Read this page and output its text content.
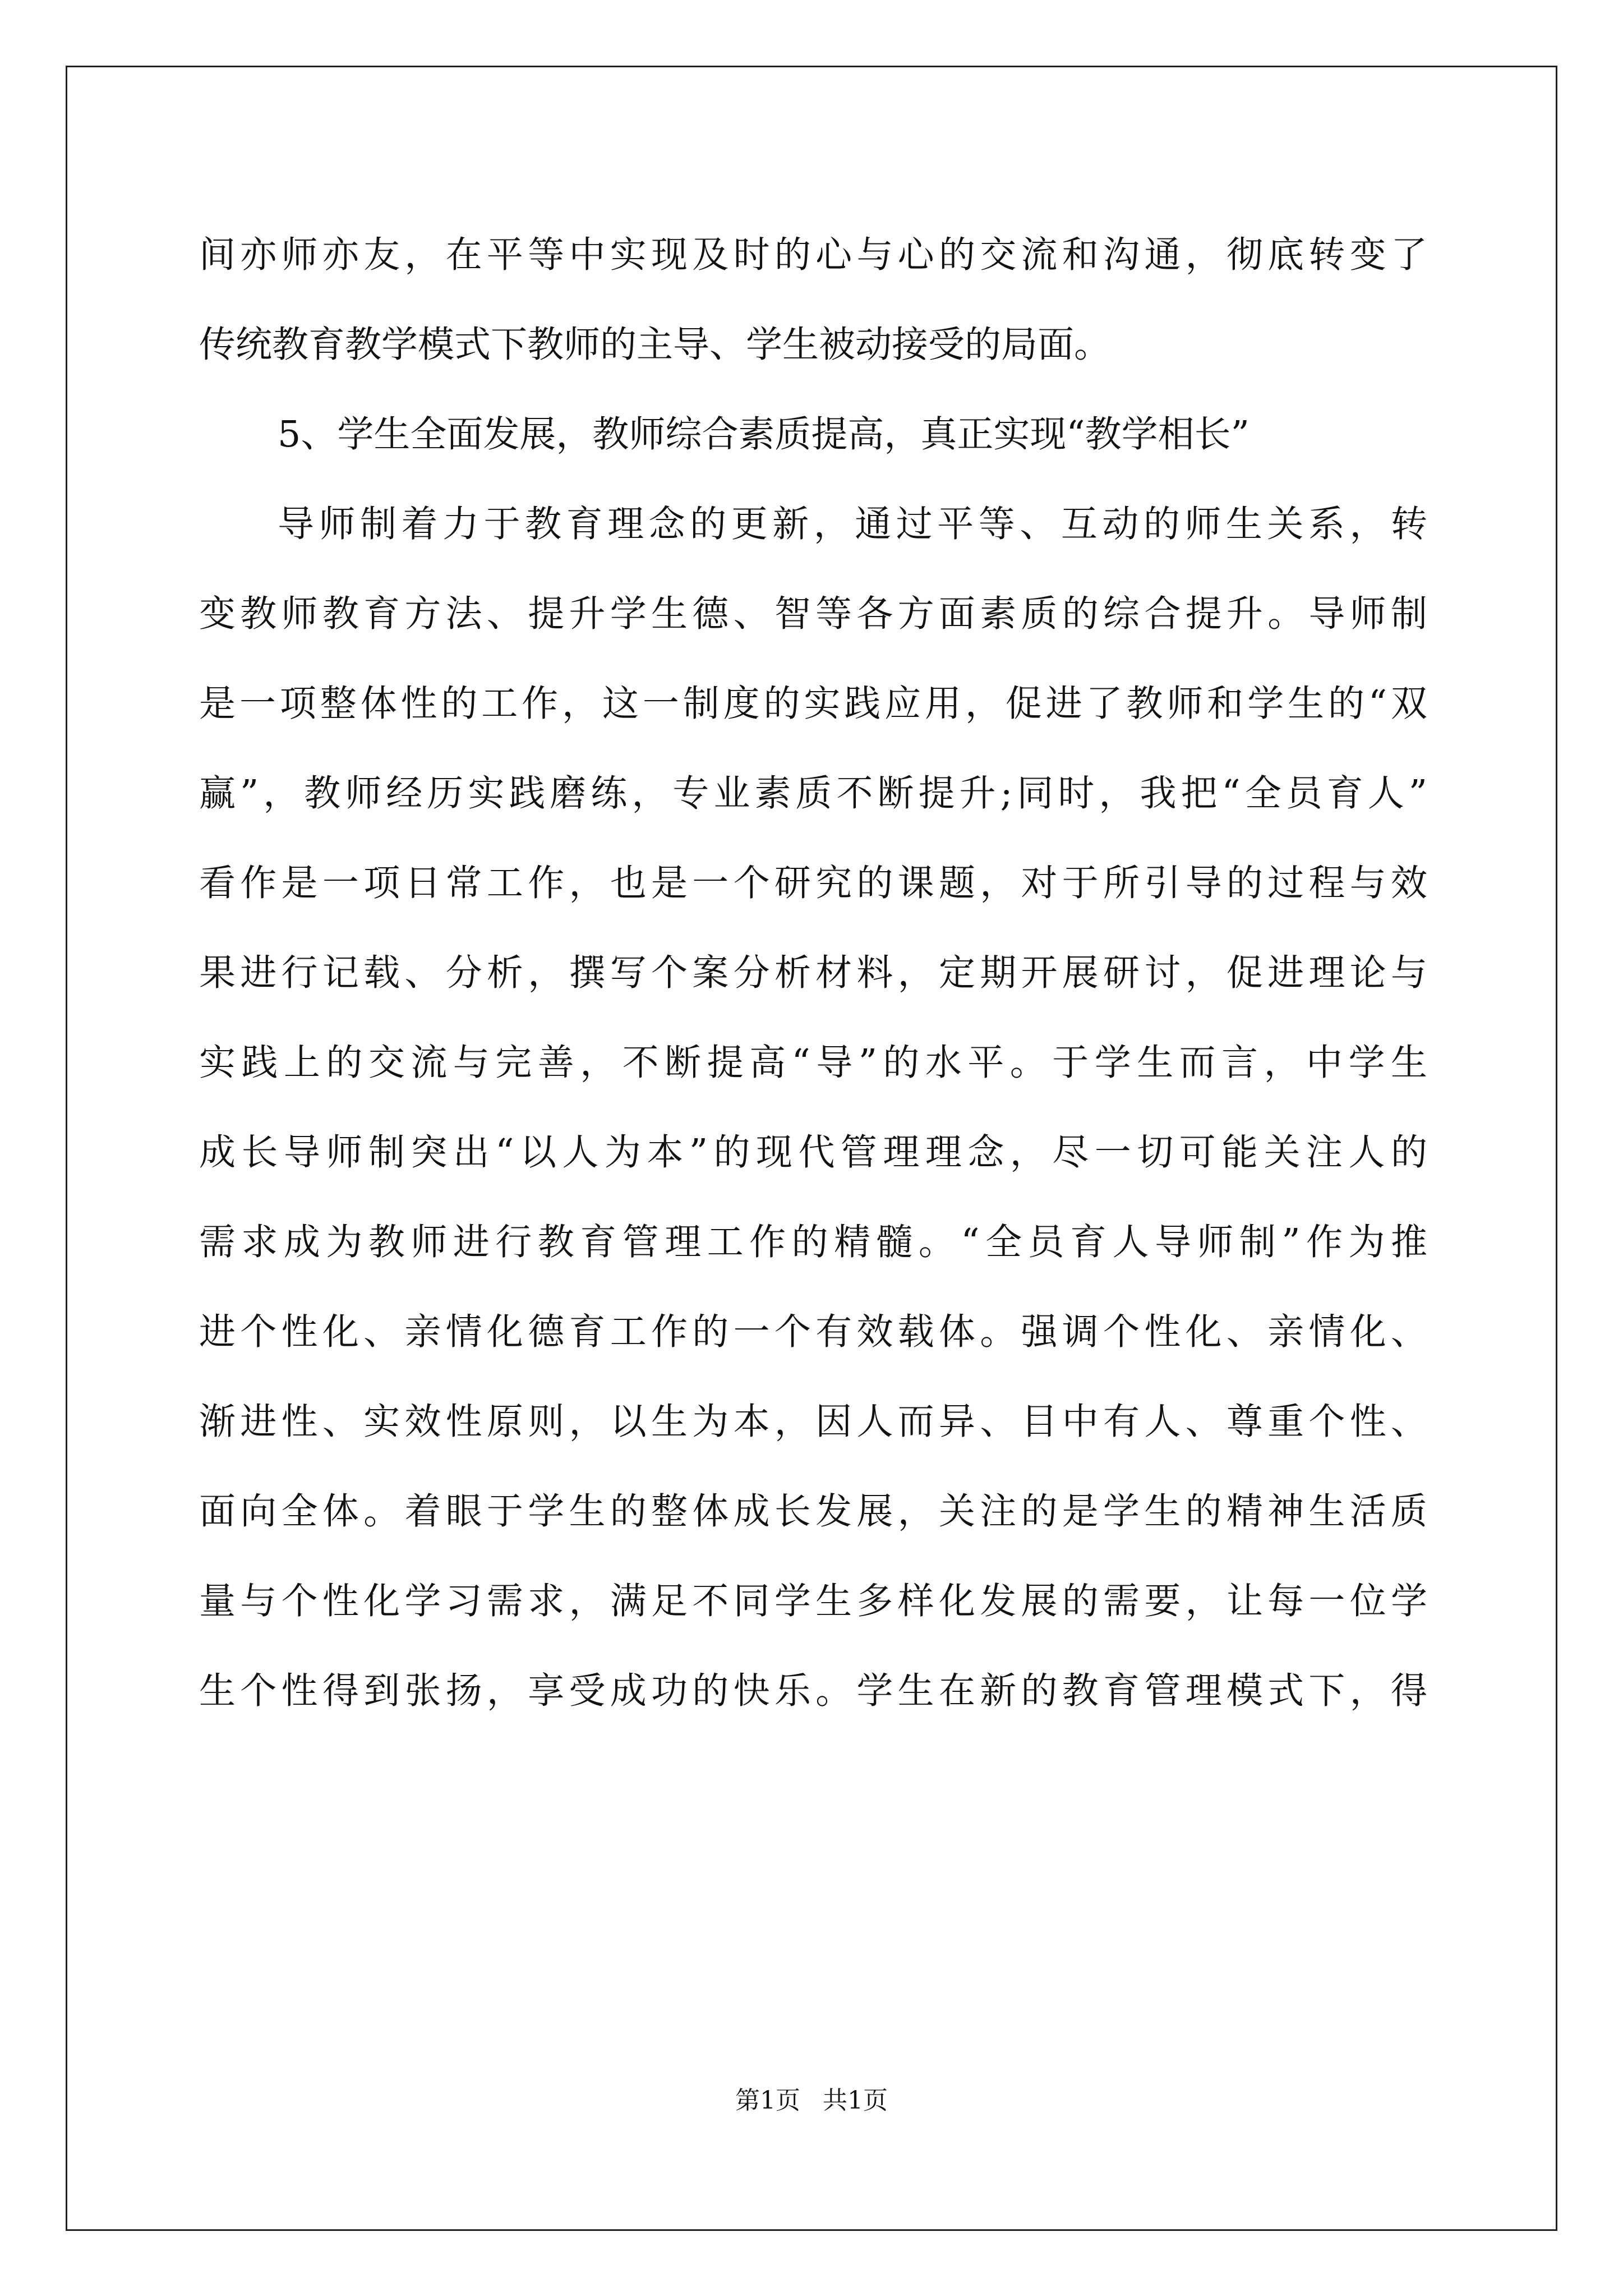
间亦师亦友，在平等中实现及时的心与心的交流和沟通，彻底转变了
传统教育教学模式下教师的主导、学生被动接受的局面。
5、学生全面发展，教师综合素质提高，真正实现“教学相长”
导师制着力于教育理念的更新，通过平等、互动的师生关系，转
变教师教育方法、提升学生德、智等各方面素质的综合提升。导师制
是一项整体性的工作，这一制度的实践应用，促进了教师和学生的“双
赢”，教师经历实践磨练，专业素质不断提升;同时，我把“全员育人”
看作是一项日常工作，也是一个研究的课题，对于所引导的过程与效
果进行记载、分析，撰写个案分析材料，定期开展研讨，促进理论与
实践上的交流与完善，不断提高“导”的水平。于学生而言，中学生
成长导师制突出“以人为本”的现代管理理念，尽一切可能关注人的
需求成为教师进行教育管理工作的精髓。“全员育人导师制”作为推
进个性化、亲情化德育工作的一个有效载体。强调个性化、亲情化、
渐进性、实效性原则，以生为本，因人而异、目中有人、尊重个性、
面向全体。着眼于学生的整体成长发展，关注的是学生的精神生活质
量与个性化学习需求，满足不同学生多样化发展的需要，让每一位学
生个性得到张扬，享受成功的快乐。学生在新的教育管理模式下，得
第1页 共1页
